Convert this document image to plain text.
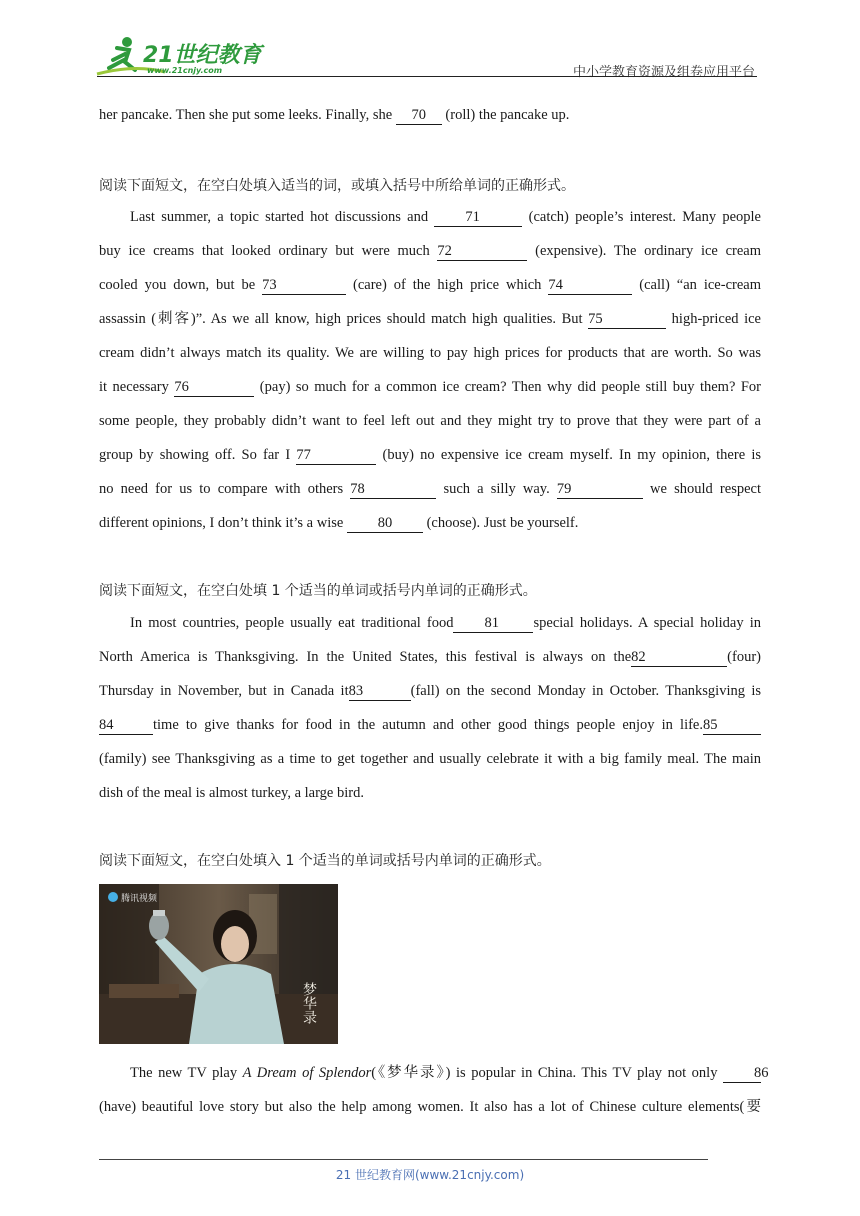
21世纪教育
www.21cnjy.com	中小学教育资源及组卷应用平台
her pancake. Then she put some leeks. Finally, she 70 (roll) the pancake up.
阅读下面短文，在空白处填入适当的词，或填入括号中所给单词的正确形式。
Last summer, a topic started hot discussions and 71	(catch) people’s interest. Many people
buy ice creams that looked ordinary but were much 72	(expensive). The ordinary ice cream
cooled you down, but be 73	(care) of the high price which 74	(call) “an ice-cream
assassin (刺客)”. As we all know, high prices should match high qualities. But 75	high-priced ice
cream didn’t always match its quality. We are willing to pay high prices for products that are worth. So was
it necessary 76	(pay) so much for a common ice cream? Then why did people still buy them? For
some people, they probably didn’t want to feel left out and they might try to prove that they were part of a
group by showing off. So far I 77	(buy) no expensive ice cream myself. In my opinion, there is
no need for us to compare with others 78	such a silly way. 79	we should respect
different opinions, I don’t think it’s a wise 80 (choose). Just be yourself.
阅读下面短文，在空白处填 1 个适当的单词或括号内单词的正确形式。
In most countries, people usually eat traditional food 81 special holidays. A special holiday in
North America is Thanksgiving. In the United States, this festival is always on the82	(four)
Thursday in November, but in Canada it83	(fall) on the second Monday in October. Thanksgiving is
84	time to give thanks for food in the autumn and other good things people enjoy in life.85
(family) see Thanksgiving as a time to get together and usually celebrate it with a big family meal. The main
dish of the meal is almost turkey, a large bird.
阅读下面短文，在空白处填入 1 个适当的单词或括号内单词的正确形式。
腾讯视频
梦华录
The new TV play A Dream of Splendor(《梦华录》) is popular in China. This TV play not only 86
(have) beautiful love story but also the help among women. It also has a lot of Chinese culture elements(要
21 世纪教育网(www.21cnjy.com)
